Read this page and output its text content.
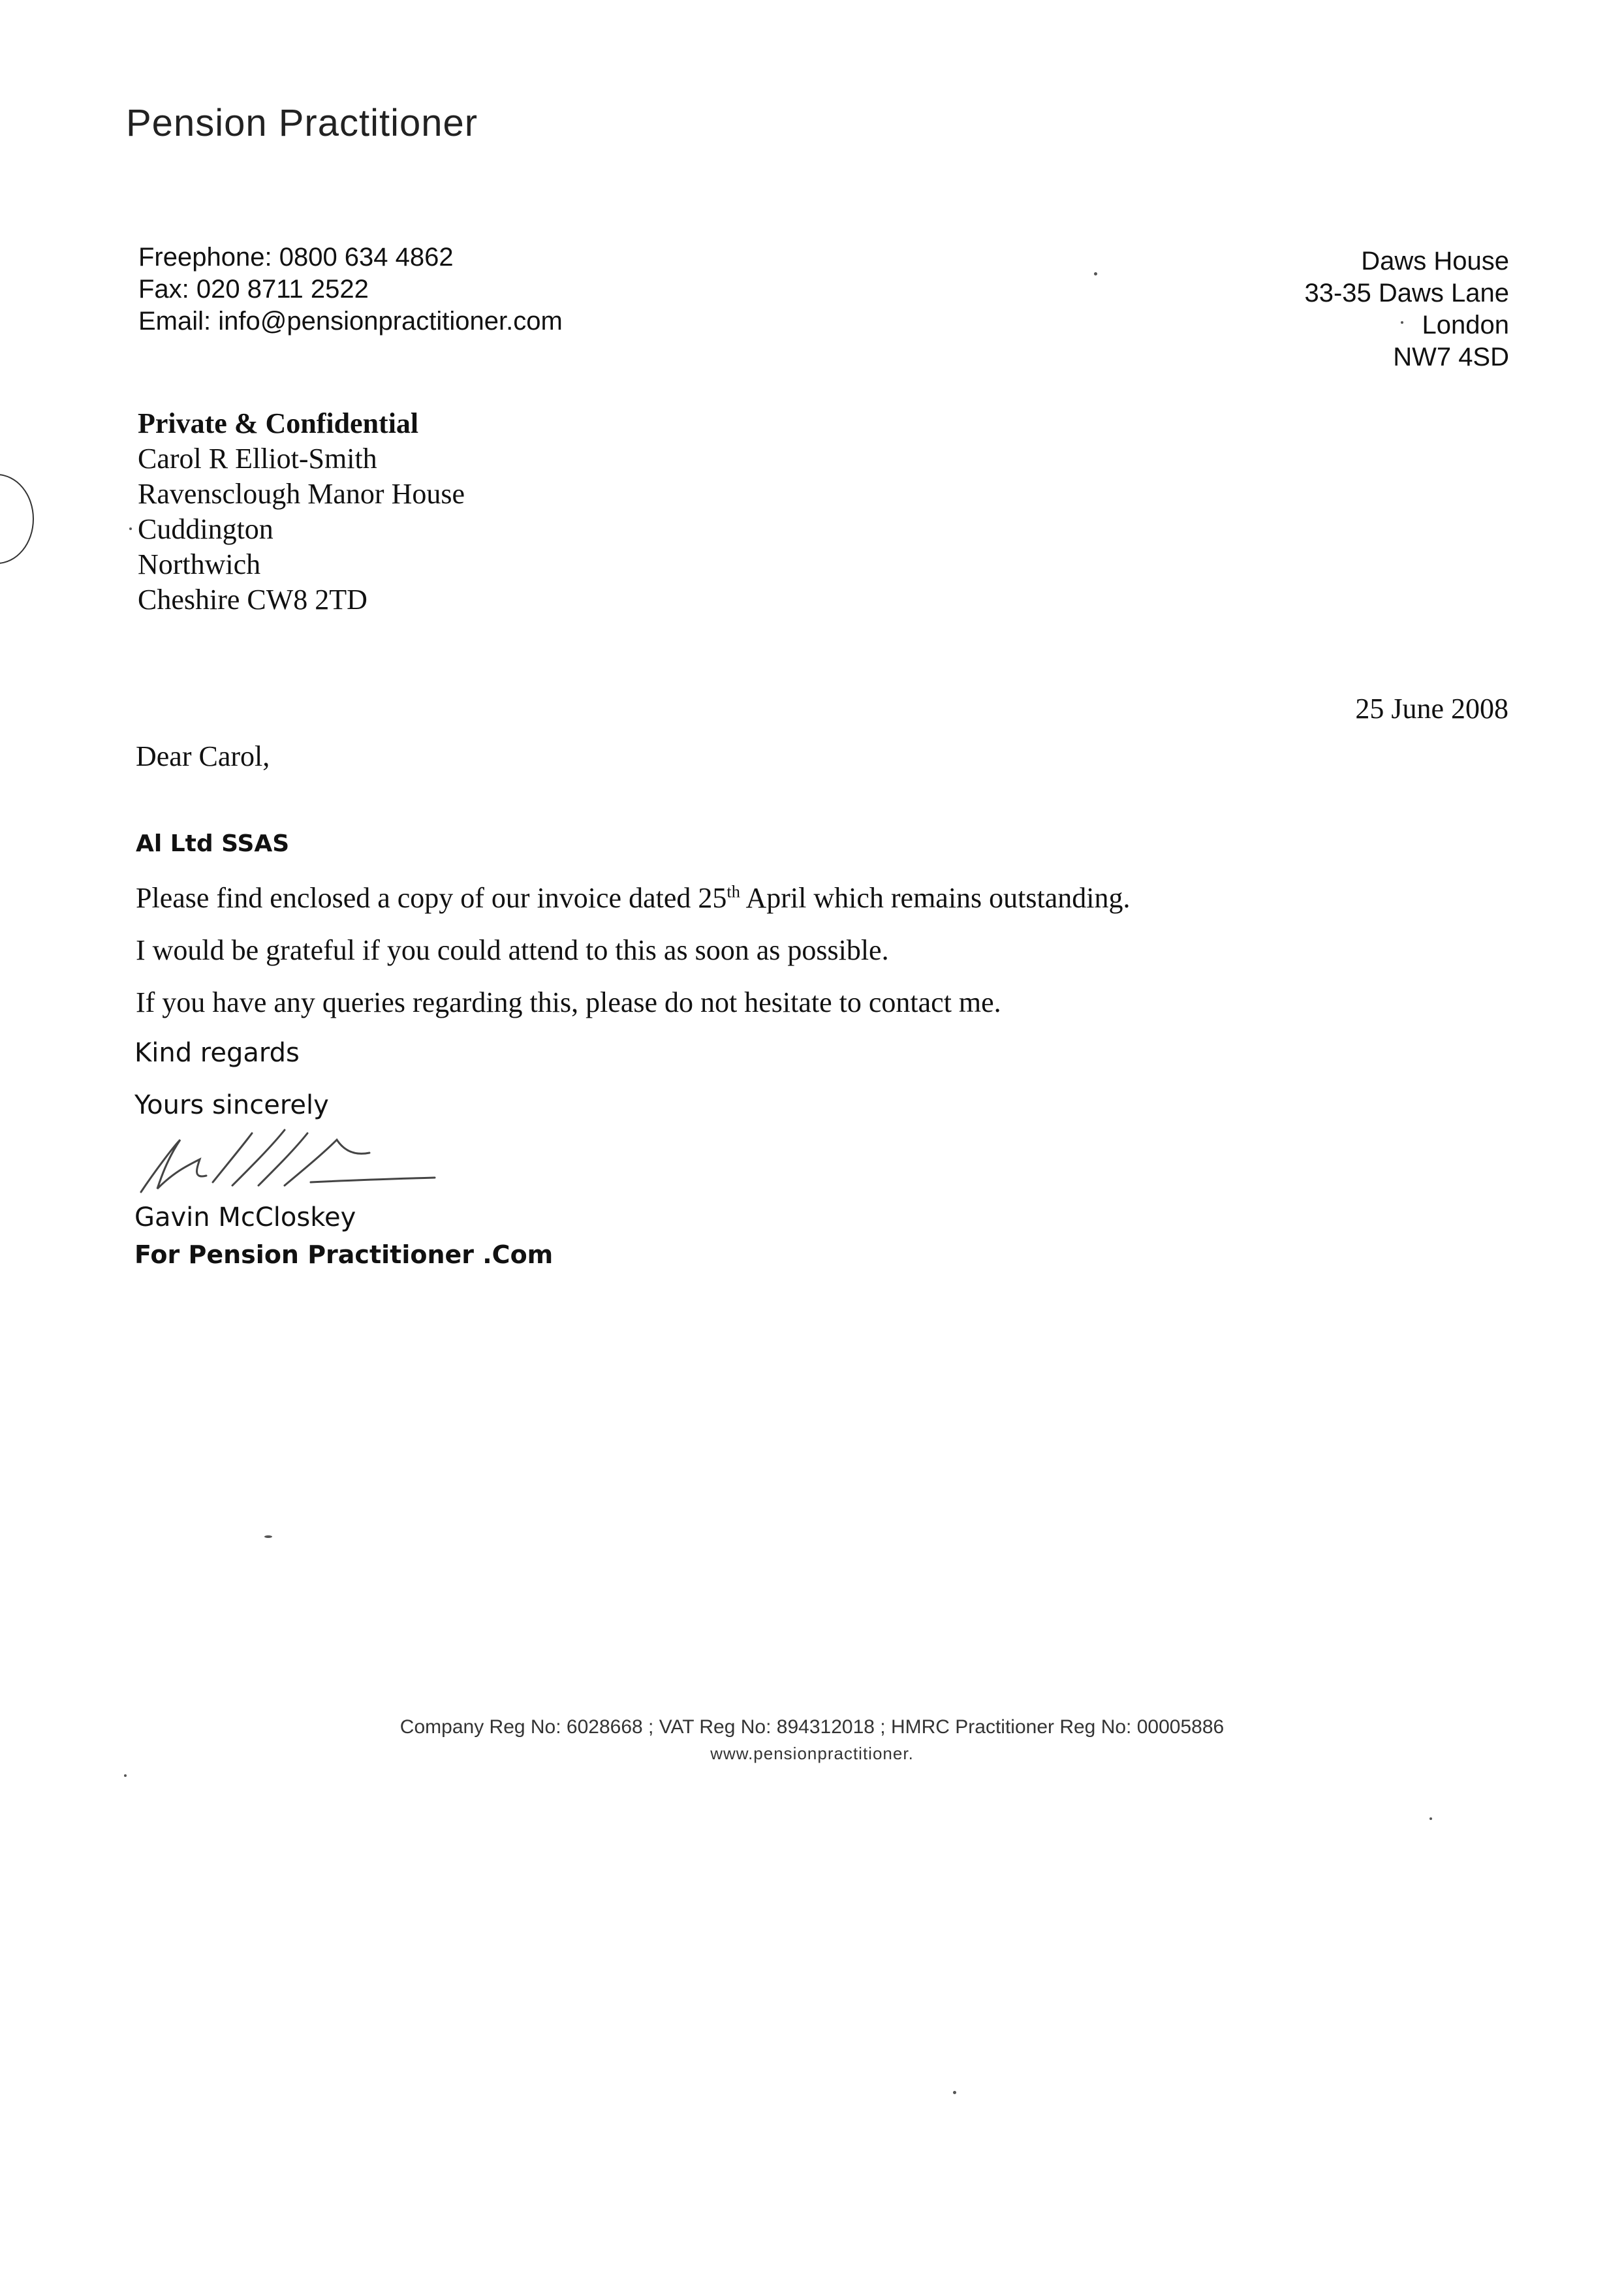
Pension Practitioner
Freephone: 0800 634 4862
Fax: 020 8711 2522
Email: info@pensionpractitioner.com
Daws House
33-35 Daws Lane
London
NW7 4SD
Private & Confidential
Carol R Elliot-Smith
Ravensclough Manor House
Cuddington
Northwich
Cheshire CW8 2TD
25 June 2008
Dear Carol,
Al Ltd SSAS
Please find enclosed a copy of our invoice dated 25th April which remains outstanding.
I would be grateful if you could attend to this as soon as possible.
If you have any queries regarding this, please do not hesitate to contact me.
Kind regards
Yours sincerely
Gavin McCloskey
For Pension Practitioner .Com
Company Reg No: 6028668 ; VAT Reg No: 894312018 ; HMRC Practitioner Reg No: 00005886
www.pensionpractitioner.
